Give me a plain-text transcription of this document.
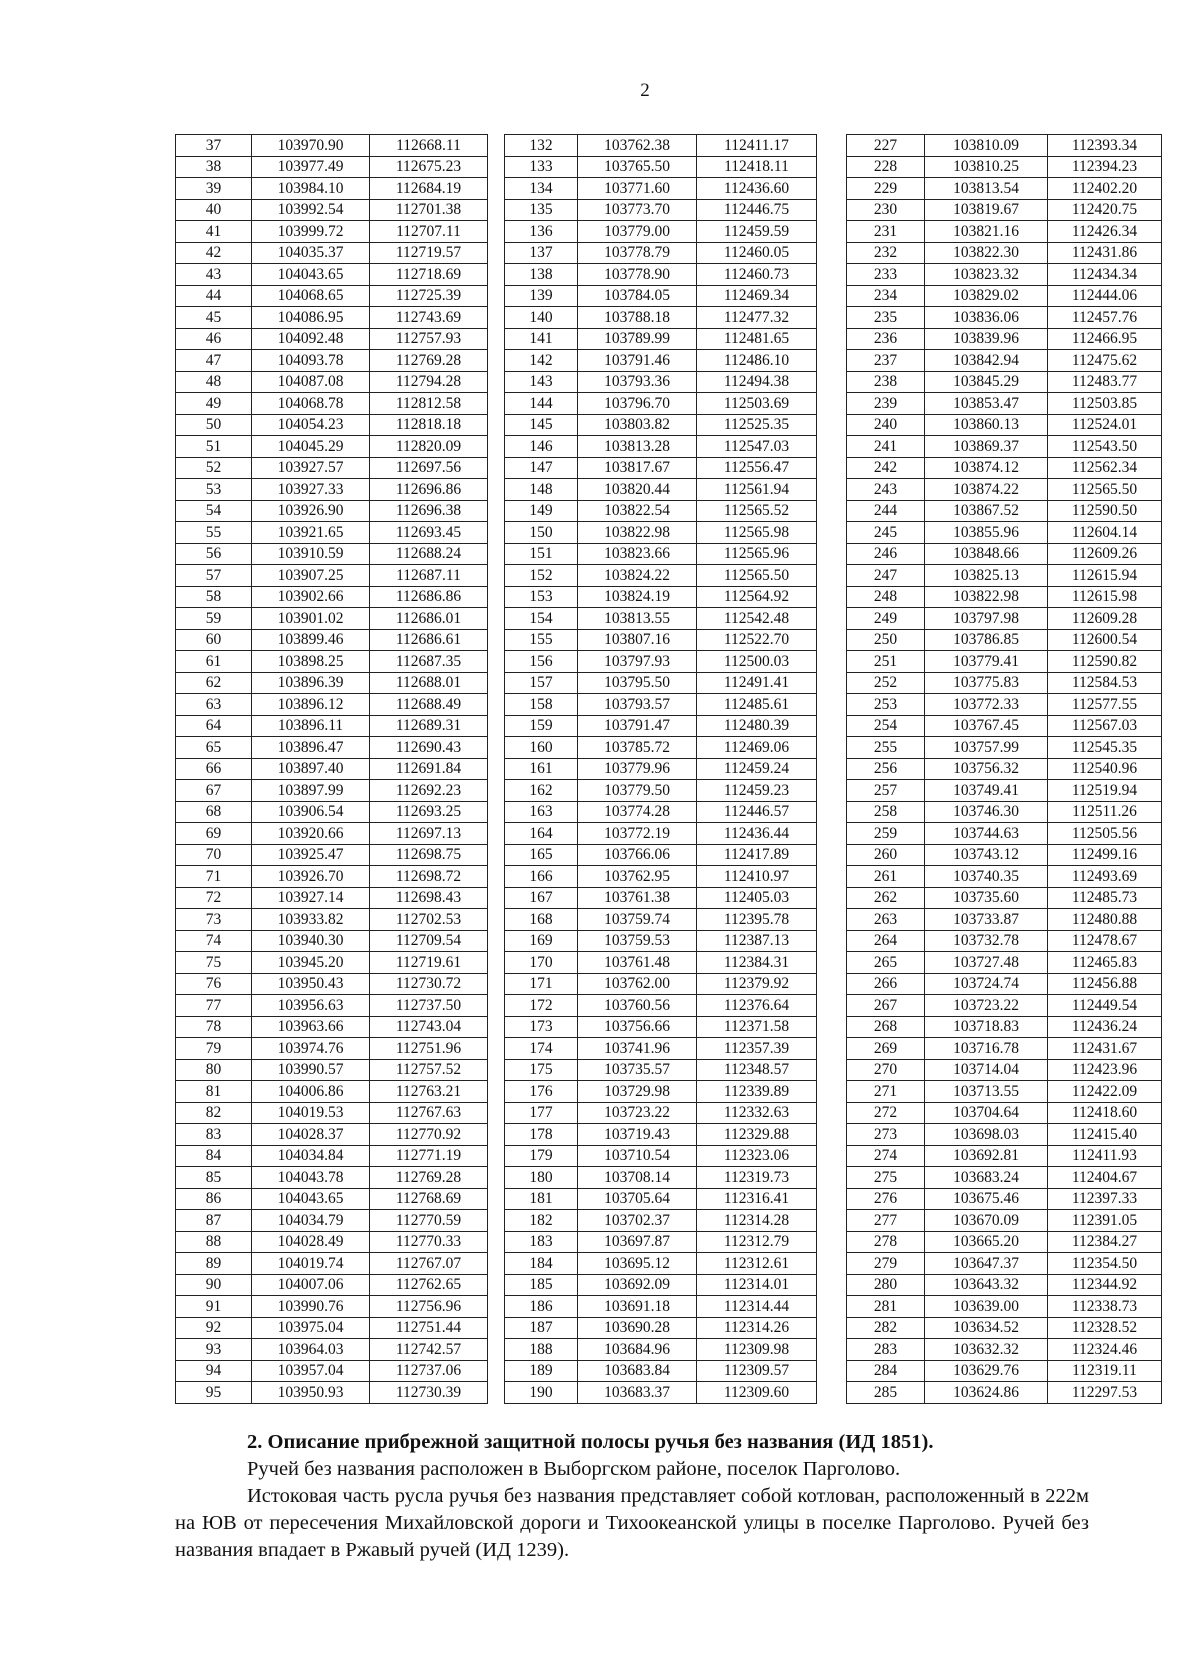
2
37	103970.90	112668.11
38	103977.49	112675.23
39	103984.10	112684.19
40	103992.54	112701.38
41	103999.72	112707.11
42	104035.37	112719.57
43	104043.65	112718.69
44	104068.65	112725.39
45	104086.95	112743.69
46	104092.48	112757.93
47	104093.78	112769.28
48	104087.08	112794.28
49	104068.78	112812.58
50	104054.23	112818.18
51	104045.29	112820.09
52	103927.57	112697.56
53	103927.33	112696.86
54	103926.90	112696.38
55	103921.65	112693.45
56	103910.59	112688.24
57	103907.25	112687.11
58	103902.66	112686.86
59	103901.02	112686.01
60	103899.46	112686.61
61	103898.25	112687.35
62	103896.39	112688.01
63	103896.12	112688.49
64	103896.11	112689.31
65	103896.47	112690.43
66	103897.40	112691.84
67	103897.99	112692.23
68	103906.54	112693.25
69	103920.66	112697.13
70	103925.47	112698.75
71	103926.70	112698.72
72	103927.14	112698.43
73	103933.82	112702.53
74	103940.30	112709.54
75	103945.20	112719.61
76	103950.43	112730.72
77	103956.63	112737.50
78	103963.66	112743.04
79	103974.76	112751.96
80	103990.57	112757.52
81	104006.86	112763.21
82	104019.53	112767.63
83	104028.37	112770.92
84	104034.84	112771.19
85	104043.78	112769.28
86	104043.65	112768.69
87	104034.79	112770.59
88	104028.49	112770.33
89	104019.74	112767.07
90	104007.06	112762.65
91	103990.76	112756.96
92	103975.04	112751.44
93	103964.03	112742.57
94	103957.04	112737.06
95	103950.93	112730.39
132	103762.38	112411.17
133	103765.50	112418.11
134	103771.60	112436.60
135	103773.70	112446.75
136	103779.00	112459.59
137	103778.79	112460.05
138	103778.90	112460.73
139	103784.05	112469.34
140	103788.18	112477.32
141	103789.99	112481.65
142	103791.46	112486.10
143	103793.36	112494.38
144	103796.70	112503.69
145	103803.82	112525.35
146	103813.28	112547.03
147	103817.67	112556.47
148	103820.44	112561.94
149	103822.54	112565.52
150	103822.98	112565.98
151	103823.66	112565.96
152	103824.22	112565.50
153	103824.19	112564.92
154	103813.55	112542.48
155	103807.16	112522.70
156	103797.93	112500.03
157	103795.50	112491.41
158	103793.57	112485.61
159	103791.47	112480.39
160	103785.72	112469.06
161	103779.96	112459.24
162	103779.50	112459.23
163	103774.28	112446.57
164	103772.19	112436.44
165	103766.06	112417.89
166	103762.95	112410.97
167	103761.38	112405.03
168	103759.74	112395.78
169	103759.53	112387.13
170	103761.48	112384.31
171	103762.00	112379.92
172	103760.56	112376.64
173	103756.66	112371.58
174	103741.96	112357.39
175	103735.57	112348.57
176	103729.98	112339.89
177	103723.22	112332.63
178	103719.43	112329.88
179	103710.54	112323.06
180	103708.14	112319.73
181	103705.64	112316.41
182	103702.37	112314.28
183	103697.87	112312.79
184	103695.12	112312.61
185	103692.09	112314.01
186	103691.18	112314.44
187	103690.28	112314.26
188	103684.96	112309.98
189	103683.84	112309.57
190	103683.37	112309.60
227	103810.09	112393.34
228	103810.25	112394.23
229	103813.54	112402.20
230	103819.67	112420.75
231	103821.16	112426.34
232	103822.30	112431.86
233	103823.32	112434.34
234	103829.02	112444.06
235	103836.06	112457.76
236	103839.96	112466.95
237	103842.94	112475.62
238	103845.29	112483.77
239	103853.47	112503.85
240	103860.13	112524.01
241	103869.37	112543.50
242	103874.12	112562.34
243	103874.22	112565.50
244	103867.52	112590.50
245	103855.96	112604.14
246	103848.66	112609.26
247	103825.13	112615.94
248	103822.98	112615.98
249	103797.98	112609.28
250	103786.85	112600.54
251	103779.41	112590.82
252	103775.83	112584.53
253	103772.33	112577.55
254	103767.45	112567.03
255	103757.99	112545.35
256	103756.32	112540.96
257	103749.41	112519.94
258	103746.30	112511.26
259	103744.63	112505.56
260	103743.12	112499.16
261	103740.35	112493.69
262	103735.60	112485.73
263	103733.87	112480.88
264	103732.78	112478.67
265	103727.48	112465.83
266	103724.74	112456.88
267	103723.22	112449.54
268	103718.83	112436.24
269	103716.78	112431.67
270	103714.04	112423.96
271	103713.55	112422.09
272	103704.64	112418.60
273	103698.03	112415.40
274	103692.81	112411.93
275	103683.24	112404.67
276	103675.46	112397.33
277	103670.09	112391.05
278	103665.20	112384.27
279	103647.37	112354.50
280	103643.32	112344.92
281	103639.00	112338.73
282	103634.52	112328.52
283	103632.32	112324.46
284	103629.76	112319.11
285	103624.86	112297.53

2. Описание прибрежной защитной полосы ручья без названия (ИД 1851).

Ручей без названия расположен в Выборгском районе, поселок Парголово.

Истоковая часть русла ручья без названия представляет собой котлован, расположенный в 222м на ЮВ от пересечения Михайловской дороги и Тихоокеанской улицы в поселке Парголово. Ручей без названия впадает в Ржавый ручей (ИД 1239).
